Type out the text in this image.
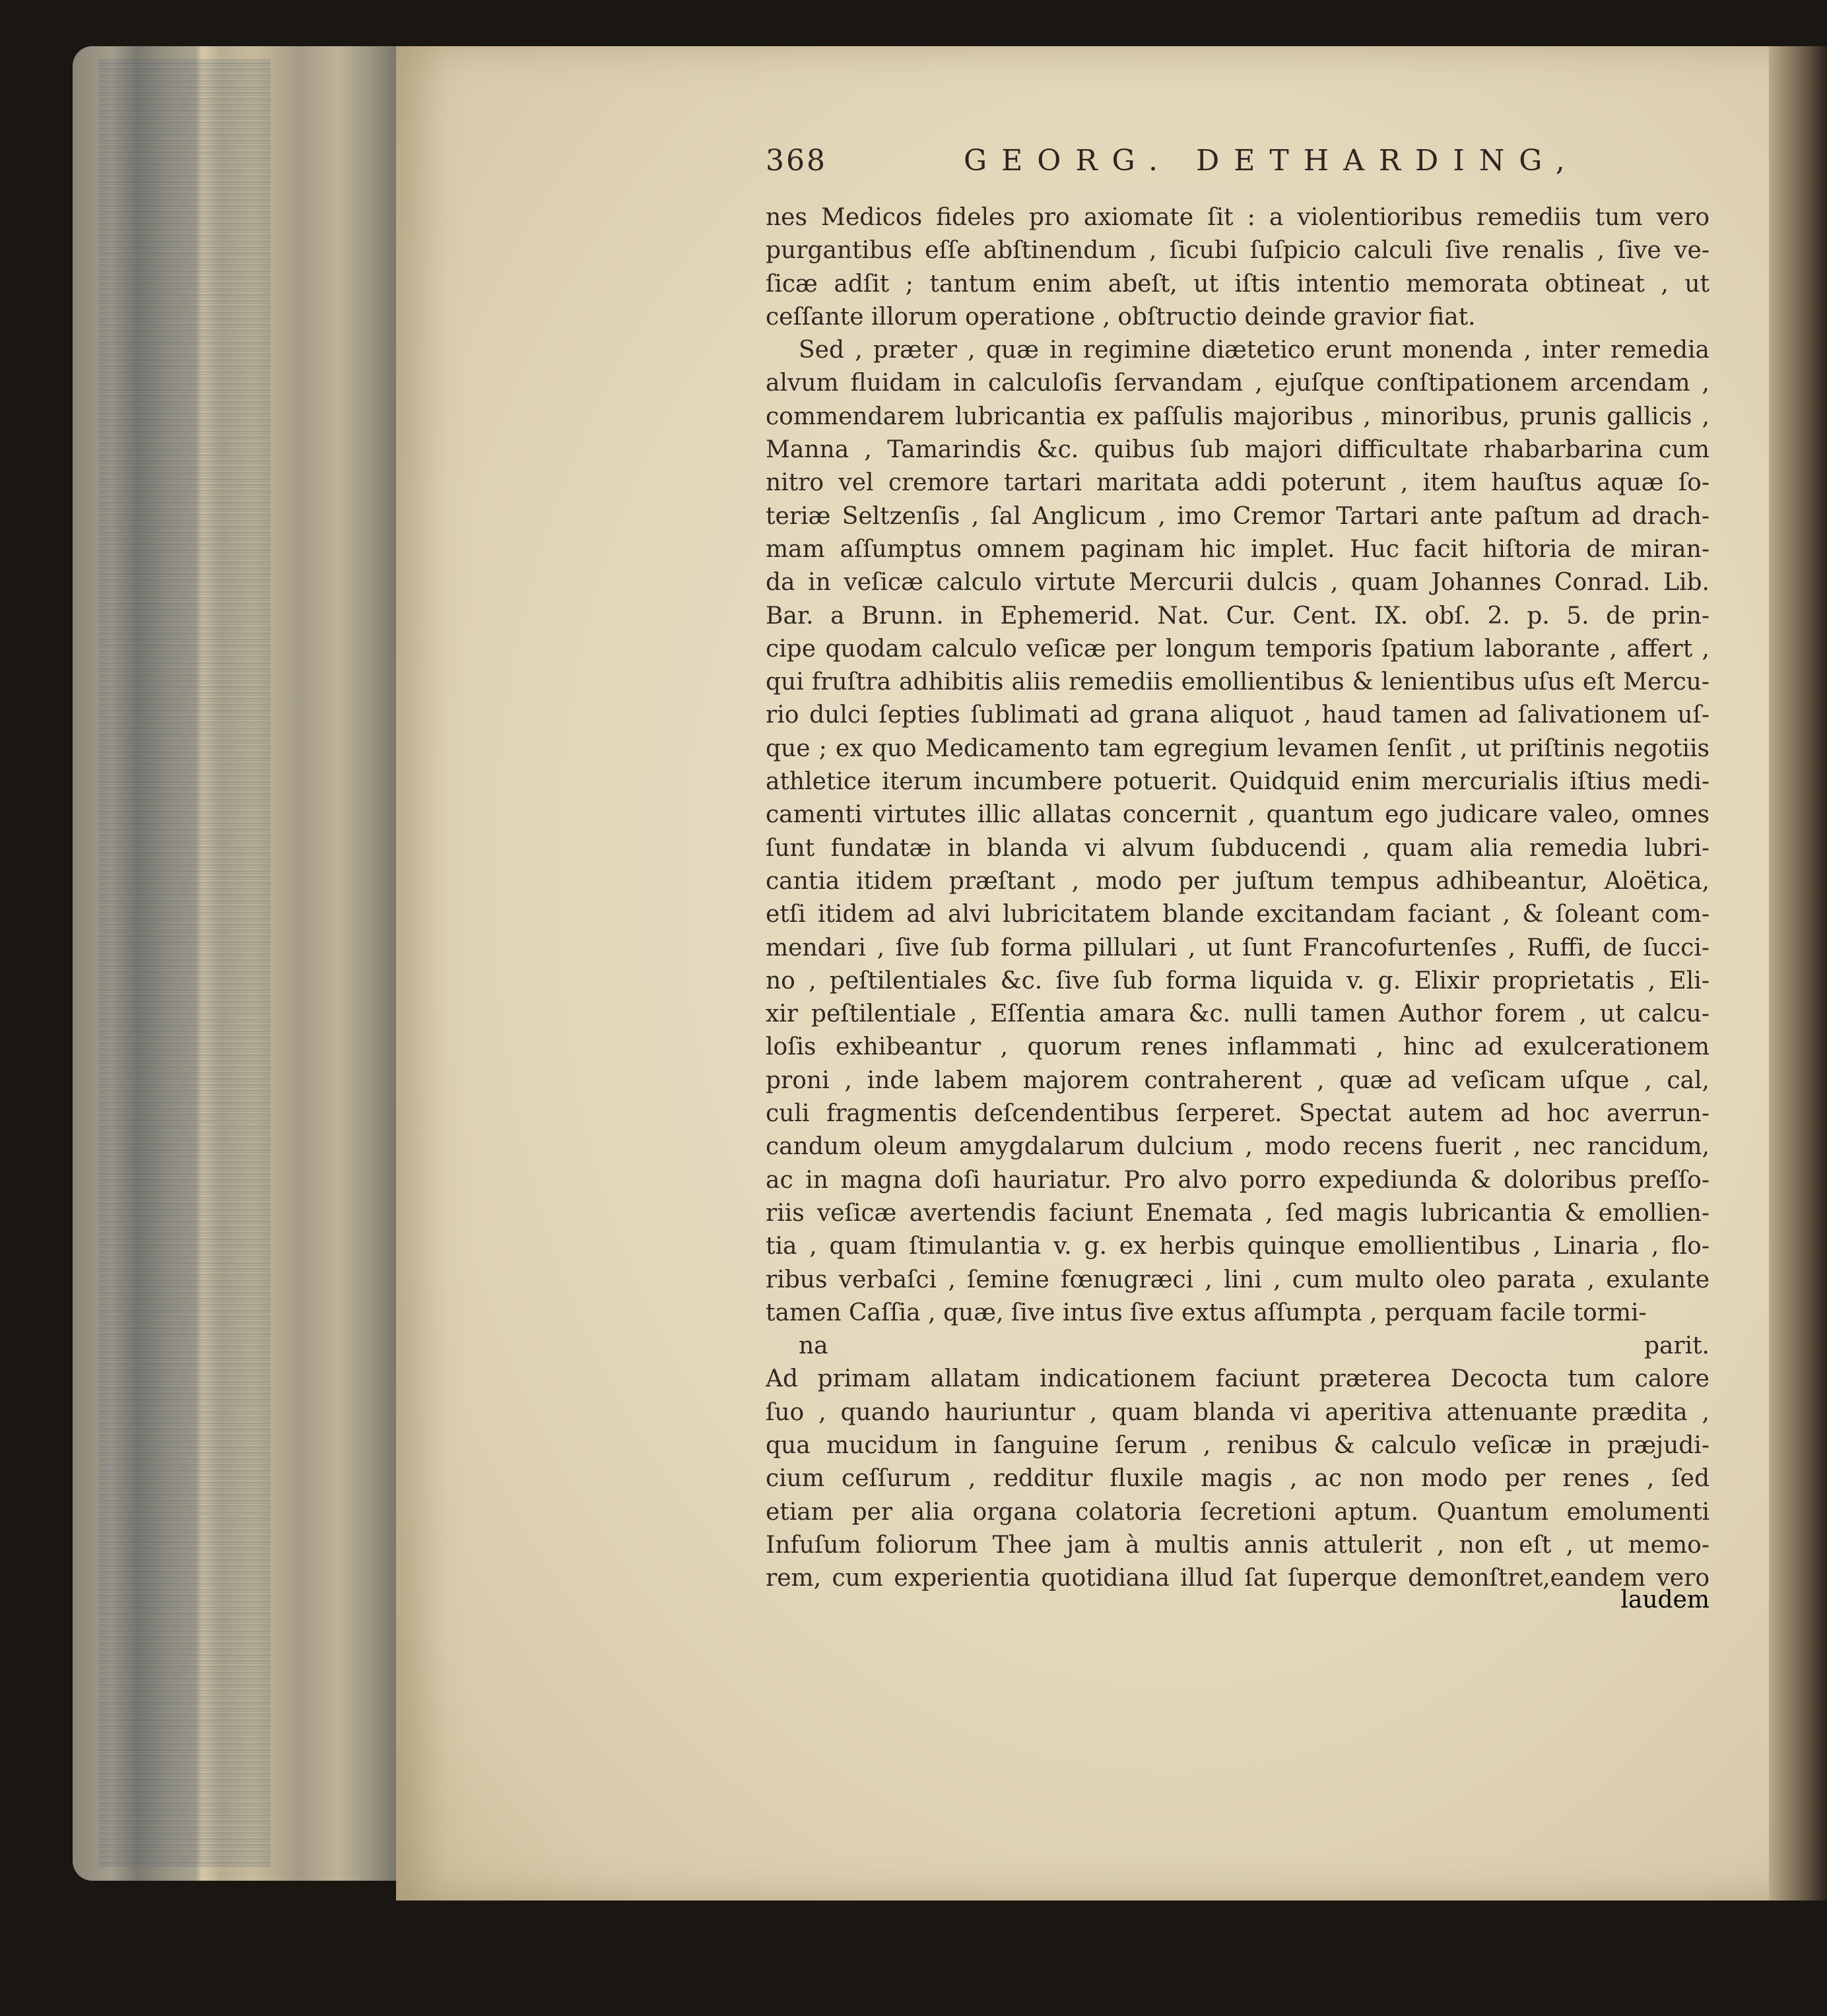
368	GEORG. DETHARDING,
nes Medicos fideles pro axiomate ſit : a violentioribus remediis tum vero
purgantibus eſſe abſtinendum , ſicubi ſuſpicio calculi ſive renalis , ſive ve-
ſicæ adſit ; tantum enim abeſt, ut iſtis intentio memorata obtineat , ut
ceſſante illorum operatione , obſtructio deinde gravior fiat.
Sed , præter , quæ in regimine diætetico erunt monenda , inter remedia
alvum fluidam in calculoſis ſervandam , ejuſque conſtipationem arcendam ,
commendarem lubricantia ex paſſulis majoribus , minoribus, prunis gallicis ,
Manna , Tamarindis &c. quibus ſub majori difficultate rhabarbarina cum
nitro vel cremore tartari maritata addi poterunt , item hauſtus aquæ ſo-
teriæ Seltzenſis , ſal Anglicum , imo Cremor Tartari ante paſtum ad drach-
mam aſſumptus omnem paginam hic implet. Huc facit hiſtoria de miran-
da in veſicæ calculo virtute Mercurii dulcis , quam Johannes Conrad. Lib.
Bar. a Brunn. in Ephemerid. Nat. Cur. Cent. IX. obſ. 2. p. 5. de prin-
cipe quodam calculo veſicæ per longum temporis ſpatium laborante , affert ,
qui fruſtra adhibitis aliis remediis emollientibus & lenientibus uſus eſt Mercu-
rio dulci ſepties ſublimati ad grana aliquot , haud tamen ad ſalivationem uſ-
que ; ex quo Medicamento tam egregium levamen ſenſit , ut priſtinis negotiis
athletice iterum incumbere potuerit. Quidquid enim mercurialis iſtius medi-
camenti virtutes illic allatas concernit , quantum ego judicare valeo, omnes
ſunt fundatæ in blanda vi alvum ſubducendi , quam alia remedia lubri-
cantia itidem præſtant , modo per juſtum tempus adhibeantur, Aloëtica,
etſi itidem ad alvi lubricitatem blande excitandam faciant , & ſoleant com-
mendari , ſive ſub forma pillulari , ut ſunt Francofurtenſes , Ruffi, de ſucci-
no , peſtilentiales &c. ſive ſub forma liquida v. g. Elixir proprietatis , Eli-
xir peſtilentiale , Eſſentia amara &c. nulli tamen Author forem , ut calcu-
loſis exhibeantur , quorum renes inflammati , hinc ad exulcerationem
proni , inde labem majorem contraherent , quæ ad veſicam uſque , cal,
culi fragmentis deſcendentibus ſerperet. Spectat autem ad hoc averrun-
candum oleum amygdalarum dulcium , modo recens fuerit , nec rancidum,
ac in magna doſi hauriatur. Pro alvo porro expediunda & doloribus preſſo-
riis veſicæ avertendis faciunt Enemata , ſed magis lubricantia & emollien-
tia , quam ſtimulantia v. g. ex herbis quinque emollientibus , Linaria , flo-
ribus verbaſci , ſemine fœnugræci , lini , cum multo oleo parata , exulante
tamen Caſſia , quæ, ſive intus ſive extus aſſumpta , perquam facile tormi-
na parit.
Ad primam allatam indicationem faciunt præterea Decocta tum calore
ſuo , quando hauriuntur , quam blanda vi aperitiva attenuante prædita ,
qua mucidum in ſanguine ſerum , renibus & calculo veſicæ in præjudi-
cium ceſſurum , redditur fluxile magis , ac non modo per renes , ſed
etiam per alia organa colatoria ſecretioni aptum. Quantum emolumenti
Infuſum foliorum Thee jam à multis annis attulerit , non eſt , ut memo-
rem, cum experientia quotidiana illud ſat ſuperque demonſtret,eandem vero
laudem
